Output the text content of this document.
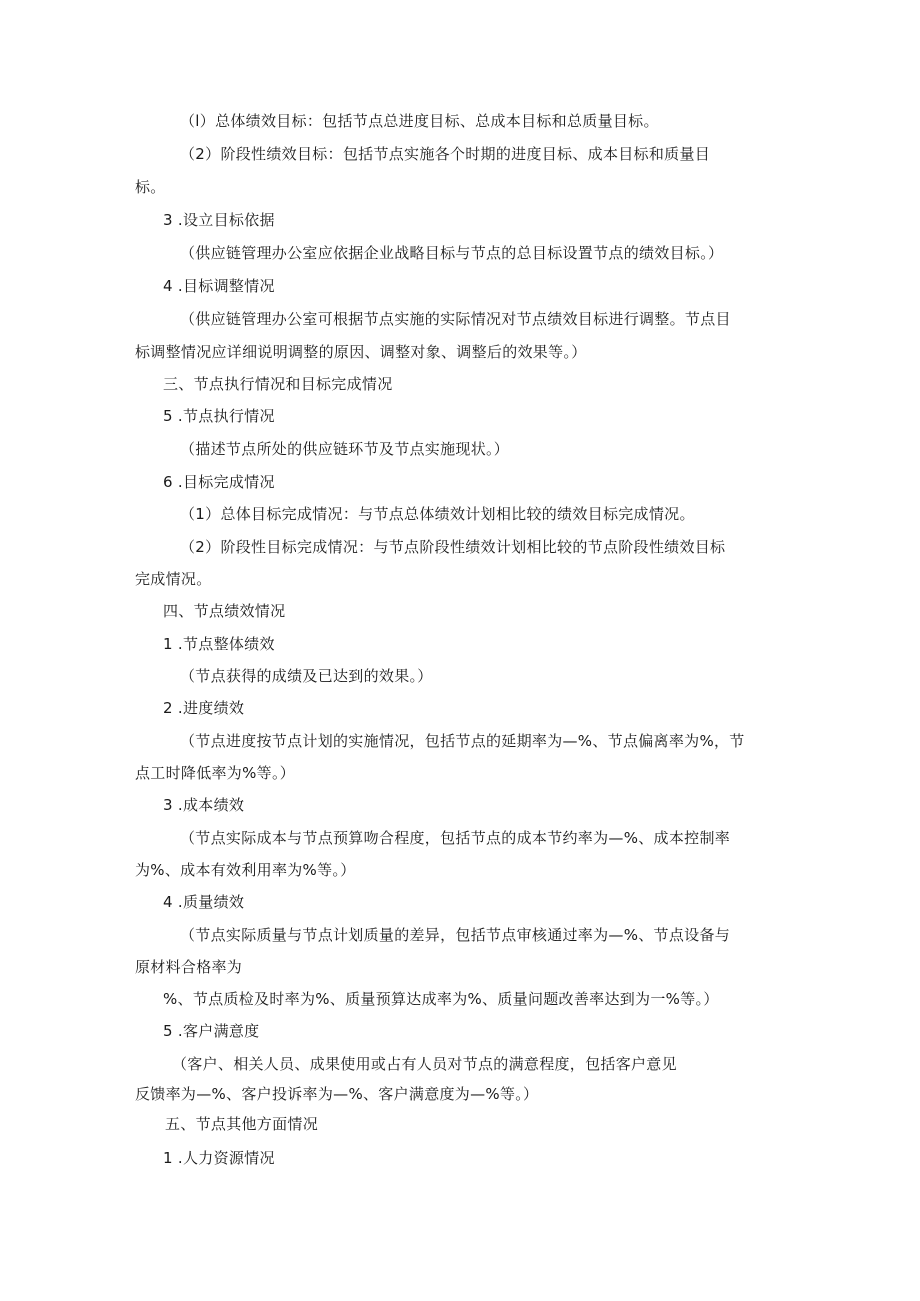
（l）总体绩效目标：包括节点总进度目标、总成本目标和总质量目标。
（2）阶段性绩效目标：包括节点实施各个时期的进度目标、成本目标和质量目
标。
3 .设立目标依据
（供应链管理办公室应依据企业战略目标与节点的总目标设置节点的绩效目标。）
4 .目标调整情况
（供应链管理办公室可根据节点实施的实际情况对节点绩效目标进行调整。节点目
标调整情况应详细说明调整的原因、调整对象、调整后的效果等。）
三、节点执行情况和目标完成情况
5 .节点执行情况
（描述节点所处的供应链环节及节点实施现状。）
6 .目标完成情况
（1）总体目标完成情况：与节点总体绩效计划相比较的绩效目标完成情况。
（2）阶段性目标完成情况：与节点阶段性绩效计划相比较的节点阶段性绩效目标
完成情况。
四、节点绩效情况
1 .节点整体绩效
（节点获得的成绩及已达到的效果。）
2 .进度绩效
（节点进度按节点计划的实施情况，包括节点的延期率为—%、节点偏离率为%，节
点工时降低率为%等。）
3 .成本绩效
（节点实际成本与节点预算吻合程度，包括节点的成本节约率为—%、成本控制率
为%、成本有效利用率为%等。）
4 .质量绩效
（节点实际质量与节点计划质量的差异，包括节点审核通过率为—%、节点设备与
原材料合格率为
%、节点质检及时率为%、质量预算达成率为%、质量问题改善率达到为一%等。）
5 .客户满意度
（客户、相关人员、成果使用或占有人员对节点的满意程度，包括客户意见
反馈率为—%、客户投诉率为—%、客户满意度为—%等。）
五、节点其他方面情况
1 .人力资源情况
